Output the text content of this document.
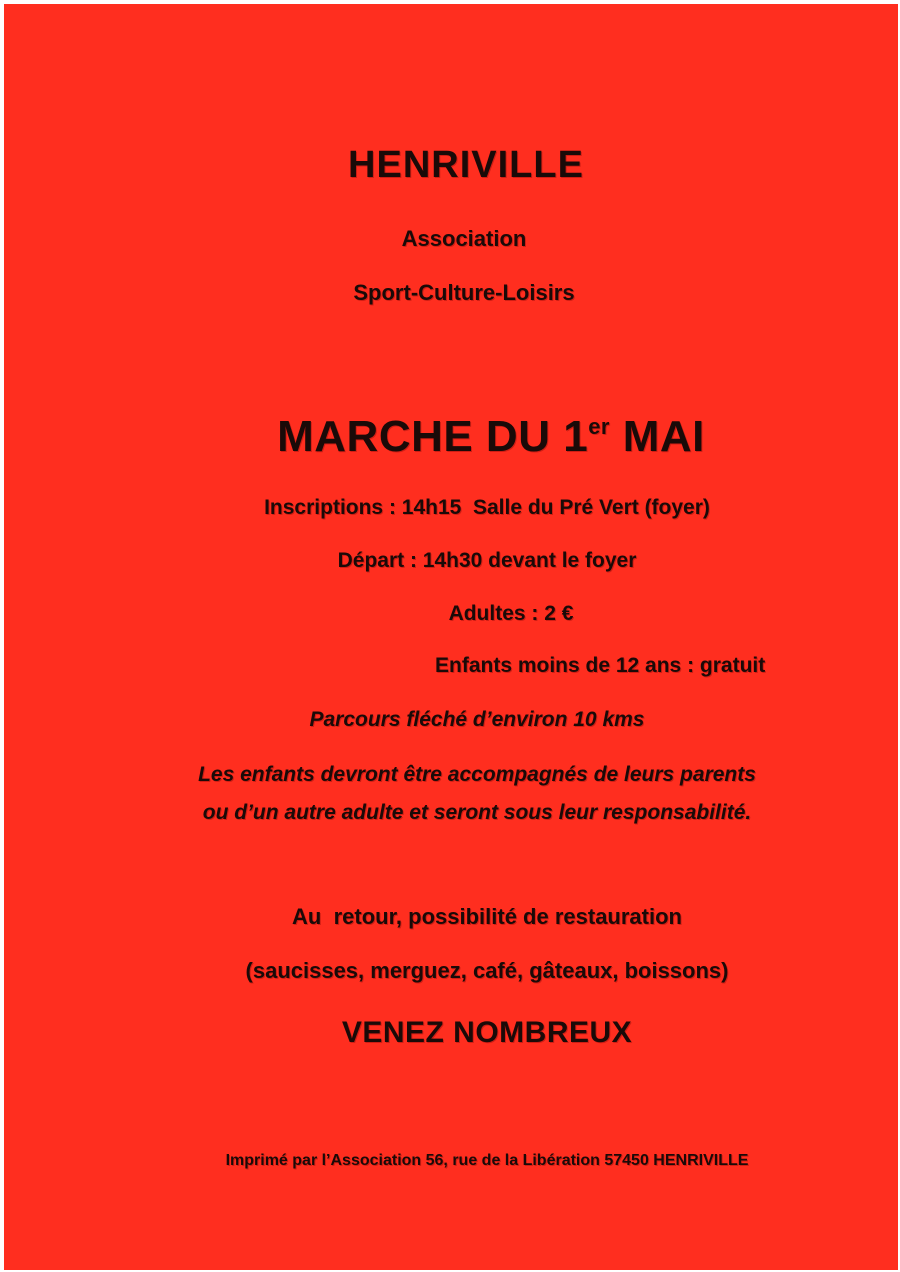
HENRIVILLE
Association
Sport-Culture-Loisirs
MARCHE DU 1er MAI
Inscriptions : 14h15  Salle du Pré Vert (foyer)
Départ : 14h30 devant le foyer
Adultes : 2 €
Enfants moins de 12 ans : gratuit
Parcours fléché d’environ 10 kms
Les enfants devront être accompagnés de leurs parents
ou d’un autre adulte et seront sous leur responsabilité.
Au  retour, possibilité de restauration
(saucisses, merguez, café, gâteaux, boissons)
VENEZ NOMBREUX
Imprimé par l’Association 56, rue de la Libération 57450 HENRIVILLE
